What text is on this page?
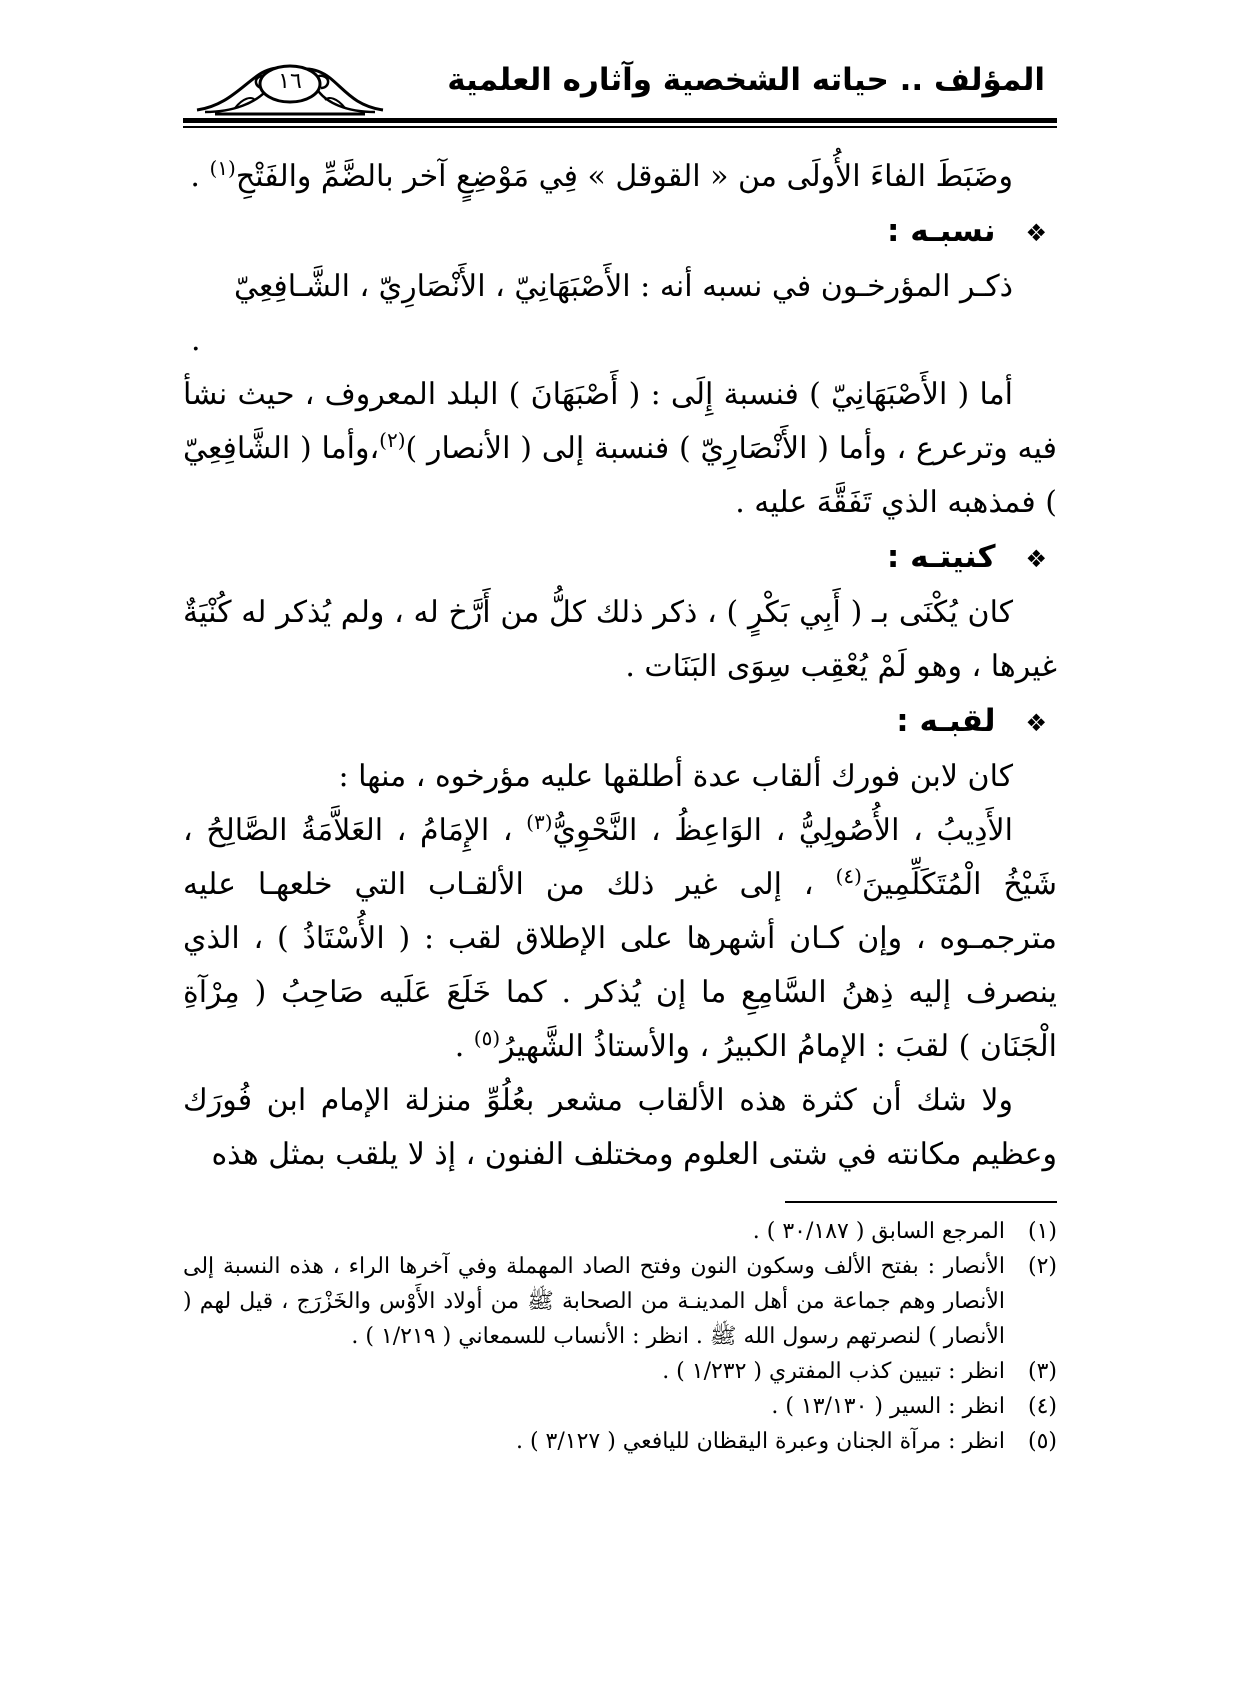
المؤلف .. حياته الشخصية وآثاره العلمية
١٦

وضَبَطَ الفاءَ الأُولَى من « القوقل » فِي مَوْضِعٍ آخر بالضَّمِّ والفَتْحِ$^{(١)}$ .

❖نسبـه :

ذكـر المؤرخـون في نسبه أنه : الأَصْبَهَانِيّ ، الأَنْصَارِيّ ، الشَّـافِعِيّ

.

أما ( الأَصْبَهَانِيّ ) فنسبة إِلَى : ( أَصْبَهَانَ ) البلد المعروف ، حيث نشأ فيه وترعرع ، وأما ( الأَنْصَارِيّ ) فنسبة إلى ( الأنصار )$^{(٢)}$،وأما ( الشَّافِعِيّ ) فمذهبه الذي تَفَقَّهَ عليه .

❖كنيتـه :

كان يُكْنَى بـ ( أَبِي بَكْرٍ ) ، ذكر ذلك كلُّ من أَرَّخ له ، ولم يُذكر له كُنْيَةٌ غيرها ، وهو لَمْ يُعْقِب سِوَى البَنَات .

❖لقبـه :

كان لابن فورك ألقاب عدة أطلقها عليه مؤرخوه ، منها :

الأَدِيبُ ، الأُصُولِيُّ ، الوَاعِظُ ، النَّحْوِيُّ$^{(٣)}$ ، الإِمَامُ ، العَلاَّمَةُ الصَّالِحُ ، شَيْخُ الْمُتَكَلِّمِينَ$^{(٤)}$ ، إلى غير ذلك من الألقـاب التي خلعهـا عليه مترجمـوه ، وإن كـان أشهرها على الإطلاق لقب : ( الأُسْتَاذُ ) ، الذي ينصرف إليه ذِهنُ السَّامِعِ ما إن يُذكر . كما خَلَعَ عَلَيه صَاحِبُ ( مِرْآةِ الْجَنَان ) لقبَ : الإمامُ الكبيرُ ، والأستاذُ الشَّهيرُ$^{(٥)}$ .

ولا شك أن كثرة هذه الألقاب مشعر بعُلُوِّ منزلة الإمام ابن فُورَك وعظيم مكانته في شتى العلوم ومختلف الفنون ، إذ لا يلقب بمثل هذه

(١)
المرجع السابق ( ٣٠/١٨٧ ) .

(٢)
الأنصار : بفتح الألف وسكون النون وفتح الصاد المهملة وفي آخرها الراء ، هذه النسبة إلى الأنصار وهم جماعة من أهل المدينـة من الصحابة ﷺ من أولاد الأَوْس والخَزْرَج ، قيل لهم ( الأنصار ) لنصرتهم رسول الله ﷺ . انظر : الأنساب للسمعاني ( ١/٢١٩ ) .

(٣)
انظر : تبيين كذب المفتري ( ١/٢٣٢ ) .

(٤)
انظر : السير ( ١٣/١٣٠ ) .

(٥)
انظر : مرآة الجنان وعبرة اليقظان لليافعي ( ٣/١٢٧ ) .
